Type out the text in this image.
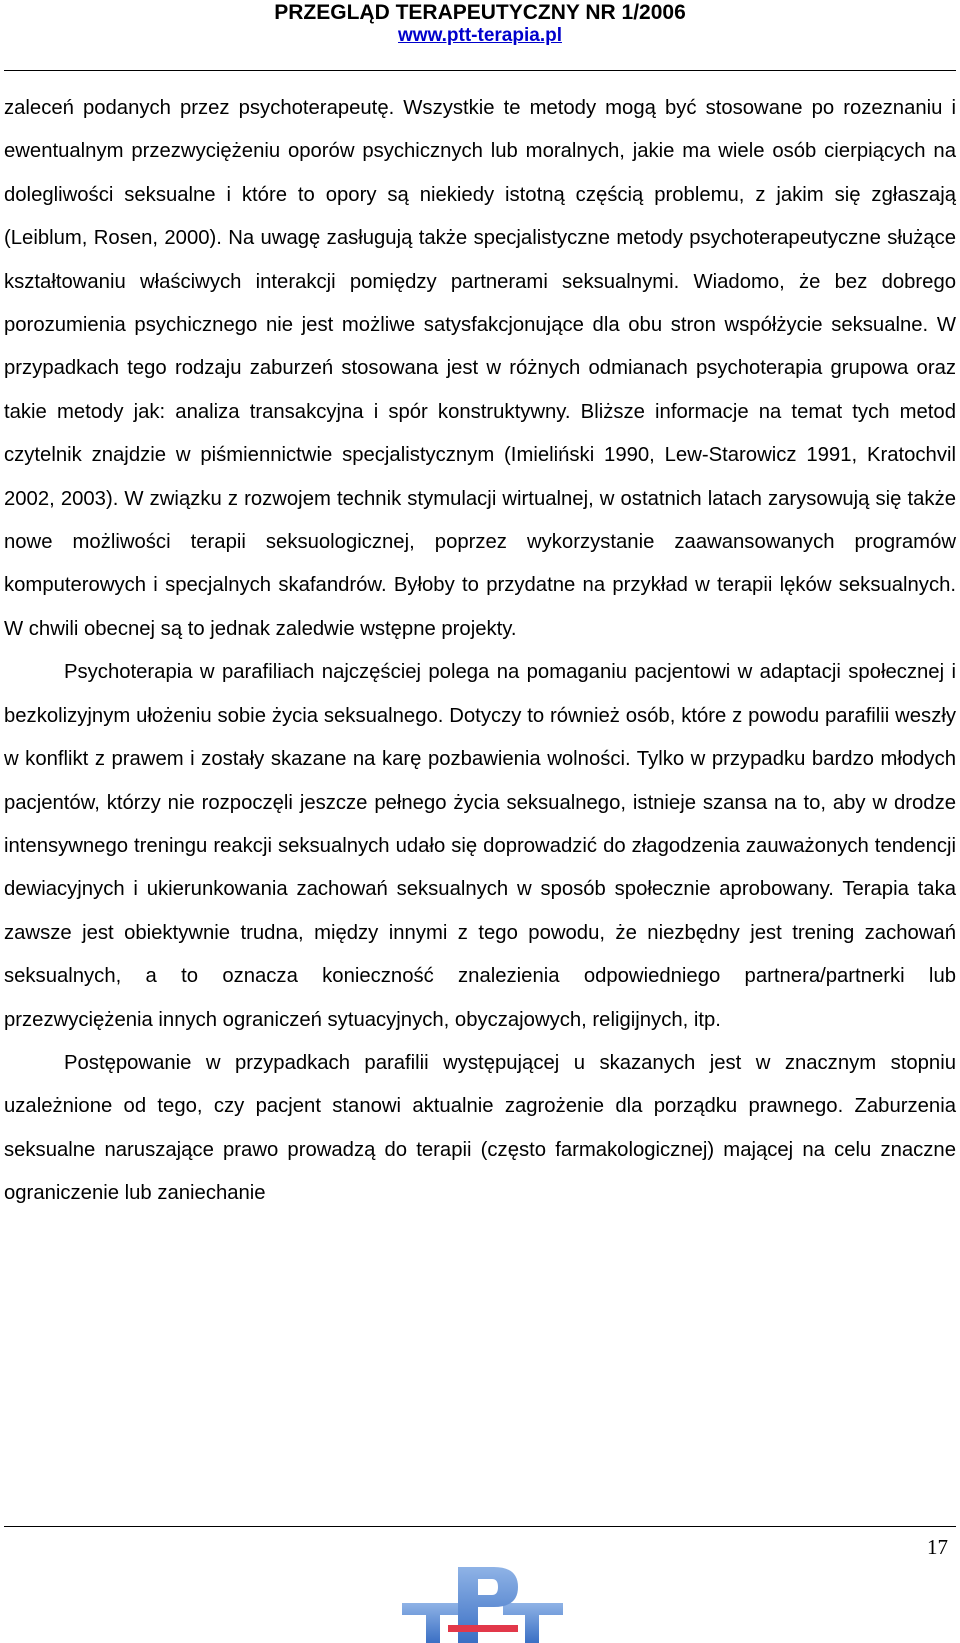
PRZEGLĄD TERAPEUTYCZNY NR 1/2006
www.ptt-terapia.pl

zaleceń podanych przez psychoterapeutę. Wszystkie te metody mogą być stosowane po rozeznaniu i ewentualnym przezwyciężeniu oporów psychicznych lub moralnych, jakie ma wiele osób cierpiących na dolegliwości seksualne i które to opory są niekiedy istotną częścią problemu, z jakim się zgłaszają (Leiblum, Rosen, 2000). Na uwagę zasługują także specjalistyczne metody psychoterapeutyczne służące kształtowaniu właściwych interakcji pomiędzy partnerami seksualnymi. Wiadomo, że bez dobrego porozumienia psychicznego nie jest możliwe satysfakcjonujące dla obu stron współżycie seksualne. W przypadkach tego rodzaju zaburzeń stosowana jest w różnych odmianach psychoterapia grupowa oraz takie metody jak: analiza transakcyjna i spór konstruktywny. Bliższe informacje na temat tych metod czytelnik znajdzie w piśmiennictwie specjalistycznym (Imieliński 1990, Lew-Starowicz 1991, Kratochvil 2002, 2003). W związku z rozwojem technik stymulacji wirtualnej, w ostatnich latach zarysowują się także nowe możliwości terapii seksuologicznej, poprzez wykorzystanie zaawansowanych programów komputerowych i specjalnych skafandrów. Byłoby to przydatne na przykład w terapii lęków seksualnych. W chwili obecnej są to jednak zaledwie wstępne projekty.

Psychoterapia w parafiliach najczęściej polega na pomaganiu pacjentowi w adaptacji społecznej i bezkolizyjnym ułożeniu sobie życia seksualnego. Dotyczy to również osób, które z powodu parafilii weszły w konflikt z prawem i zostały skazane na karę pozbawienia wolności. Tylko w przypadku bardzo młodych pacjentów, którzy nie rozpoczęli jeszcze pełnego życia seksualnego, istnieje szansa na to, aby w drodze intensywnego treningu reakcji seksualnych udało się doprowadzić do złagodzenia zauważonych tendencji dewiacyjnych i ukierunkowania zachowań seksualnych w sposób społecznie aprobowany. Terapia taka zawsze jest obiektywnie trudna, między innymi z tego powodu, że niezbędny jest trening zachowań seksualnych, a to oznacza konieczność znalezienia odpowiedniego partnera/partnerki lub przezwyciężenia innych ograniczeń sytuacyjnych, obyczajowych, religijnych, itp.

Postępowanie w przypadkach parafilii występującej u skazanych jest w znacznym stopniu uzależnione od tego, czy pacjent stanowi aktualnie zagrożenie dla porządku prawnego. Zaburzenia seksualne naruszające prawo prowadzą do terapii (często farmakologicznej) mającej na celu znaczne ograniczenie lub zaniechanie

17
